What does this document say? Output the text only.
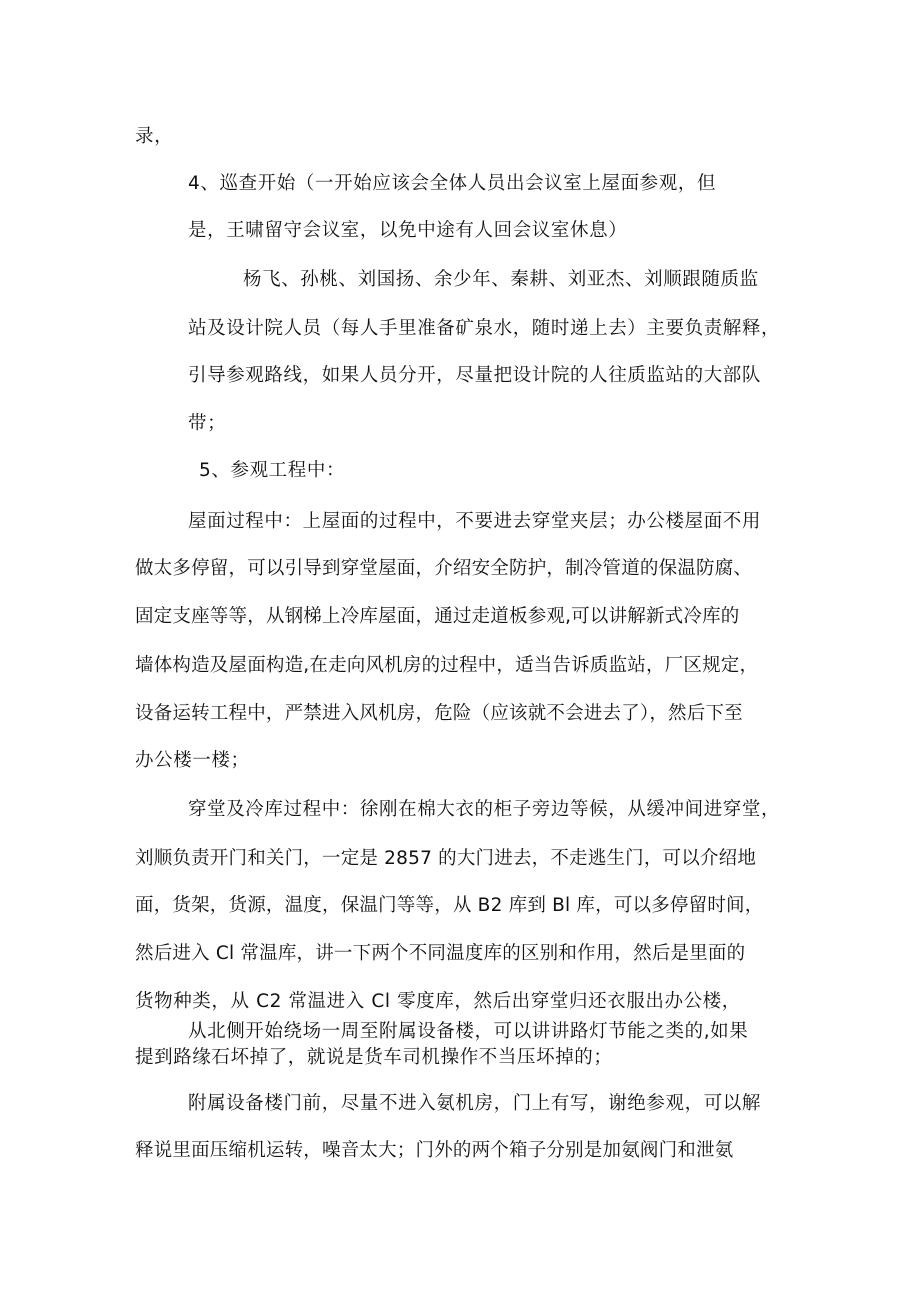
录，
4、巡查开始（一开始应该会全体人员出会议室上屋面参观，但
是，王啸留守会议室，以免中途有人回会议室休息）
杨飞、孙桃、刘国扬、余少年、秦耕、刘亚杰、刘顺跟随质监
站及设计院人员（每人手里准备矿泉水，随时递上去）主要负责解释，
引导参观路线，如果人员分开，尽量把设计院的人往质监站的大部队
带；
5、参观工程中：
屋面过程中：上屋面的过程中，不要进去穿堂夹层；办公楼屋面不用
做太多停留，可以引导到穿堂屋面，介绍安全防护，制冷管道的保温防腐、
固定支座等等，从钢梯上冷库屋面，通过走道板参观,可以讲解新式冷库的
墙体构造及屋面构造,在走向风机房的过程中，适当告诉质监站，厂区规定，
设备运转工程中，严禁进入风机房，危险（应该就不会进去了），然后下至
办公楼一楼；
穿堂及冷库过程中：徐刚在棉大衣的柜子旁边等候，从缓冲间进穿堂，
刘顺负责开门和关门，一定是 2857 的大门进去，不走逃生门，可以介绍地
面，货架，货源，温度，保温门等等，从 B2 库到 Bl 库，可以多停留时间，
然后进入 Cl 常温库，讲一下两个不同温度库的区别和作用，然后是里面的
货物种类，从 C2 常温进入 Cl 零度库，然后出穿堂归还衣服出办公楼，
从北侧开始绕场一周至附属设备楼，可以讲讲路灯节能之类的,如果
提到路缘石坏掉了，就说是货车司机操作不当压坏掉的；
附属设备楼门前，尽量不进入氨机房，门上有写，谢绝参观，可以解
释说里面压缩机运转，噪音太大；门外的两个箱子分别是加氨阀门和泄氨
